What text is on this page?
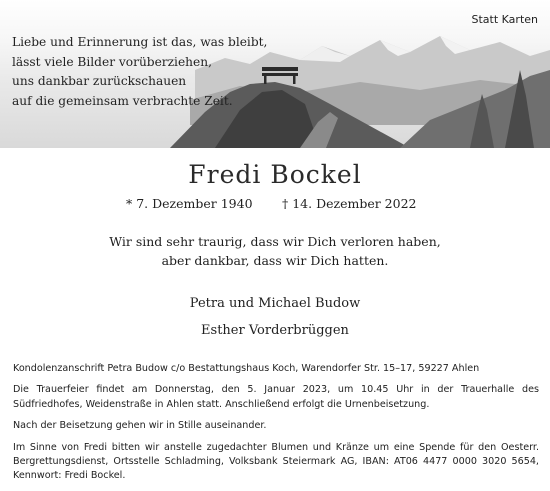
Statt Karten
Liebe und Erinnerung ist das, was bleibt,
lässt viele Bilder vorüberziehen,
uns dankbar zurückschauen
auf die gemeinsam verbrachte Zeit.
Fredi Bockel
* 7. Dezember 1940 † 14. Dezember 2022
Wir sind sehr traurig, dass wir Dich verloren haben,
aber dankbar, dass wir Dich hatten.
Petra und Michael Budow
Esther Vorderbrüggen

Kondolenzanschrift Petra Budow c/o Bestattungshaus Koch, Warendorfer Str. 15–17, 59227 Ahlen

Die Trauerfeier findet am Donnerstag, den 5. Januar 2023, um 10.45 Uhr in der Trauerhalle des Südfriedhofes, Weidenstraße in Ahlen statt. Anschließend erfolgt die Urnenbeisetzung.

Nach der Beisetzung gehen wir in Stille auseinander.

Im Sinne von Fredi bitten wir anstelle zugedachter Blumen und Kränze um eine Spende für den Oesterr. Bergrettungsdienst, Ortsstelle Schladming, Volksbank Steiermark AG, IBAN: AT06 4477 0000 3020 5654, Kennwort: Fredi Bockel.
